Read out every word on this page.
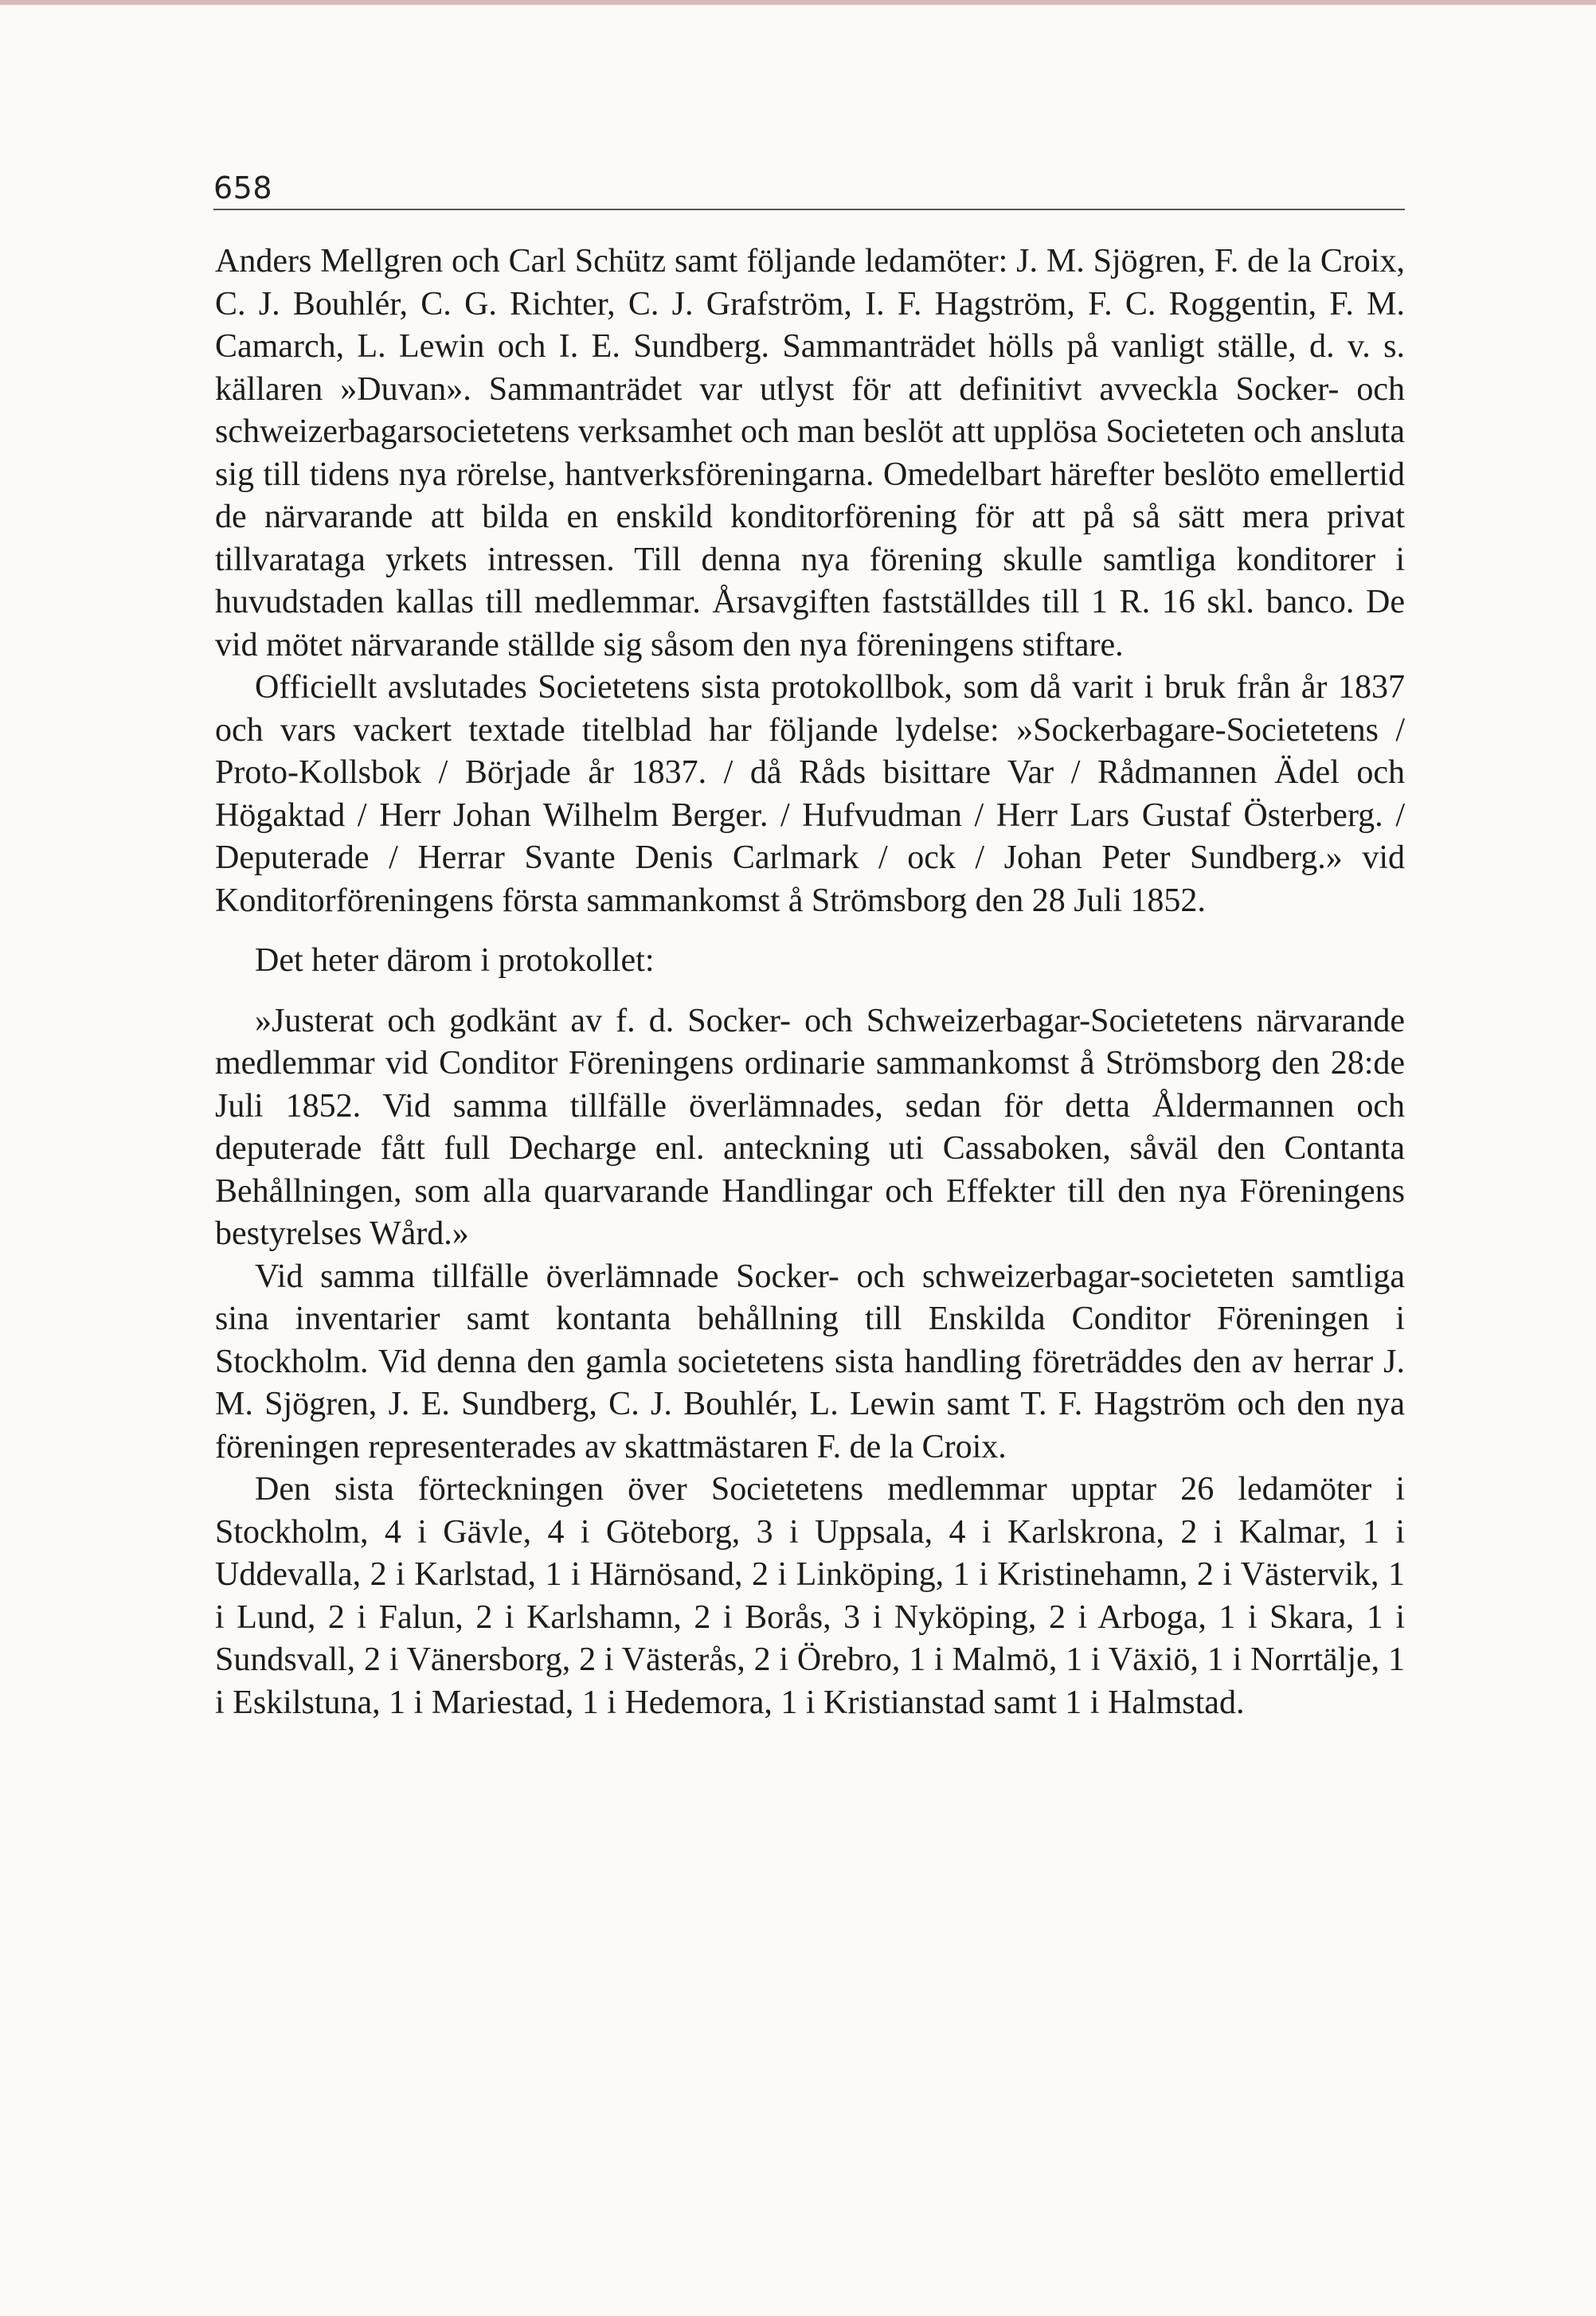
658

Anders Mellgren och Carl Schütz samt följande ledamöter: J. M. Sjögren, F. de la Croix, C. J. Bouhlér, C. G. Richter, C. J. Grafström, I. F. Hagström, F. C. Roggentin, F. M. Camarch, L. Lewin och I. E. Sundberg. Sammanträdet hölls på vanligt ställe, d. v. s. källaren »Duvan». Sammanträdet var utlyst för att definitivt avveckla Socker- och schweizerbagarsocietetens verksamhet och man beslöt att upplösa Societeten och ansluta sig till tidens nya rörelse, hantverksföreningarna. Omedelbart härefter beslöto emellertid de närvarande att bilda en enskild konditorförening för att på så sätt mera privat tillvaratagа yrkets intressen. Till denna nya förening skulle samtliga konditorer i huvudstaden kallas till medlemmar. Årsavgiften fastställdes till 1 R. 16 skl. banco. De vid mötet närvarande ställde sig såsom den nya föreningens stiftare.

Officiellt avslutades Societetens sista protokollbok, som då varit i bruk från år 1837 och vars vackert textade titelblad har följande lydelse: »Sockerbagare-Societetens / Proto-Kollsbok / Började år 1837. / då Råds bisittare Var / Rådmannen Ädel och Högaktad / Herr Johan Wilhelm Berger. / Hufvudman / Herr Lars Gustaf Österberg. / Deputerade / Herrar Svante Denis Carlmark / ock / Johan Peter Sundberg.» vid Konditorföreningens första sammankomst å Strömsborg den 28 Juli 1852.

Det heter därom i protokollet:

»Justerat och godkänt av f. d. Socker- och Schweizerbagar-Societetens närvarande medlemmar vid Conditor Föreningens ordinarie sammankomst å Strömsborg den 28:de Juli 1852. Vid samma tillfälle överlämnades, sedan för detta Åldermannen och deputerade fått full Decharge enl. anteckning uti Cassaboken, såväl den Contanta Behållningen, som alla quarvarande Handlingar och Effekter till den nya Föreningens bestyrelses Wård.»

Vid samma tillfälle överlämnade Socker- och schweizerbagar-societeten samtliga sina inventarier samt kontanta behållning till Enskilda Conditor Föreningen i Stockholm. Vid denna den gamla societetens sista handling företräddes den av herrar J. M. Sjögren, J. E. Sundberg, C. J. Bouhlér, L. Lewin samt T. F. Hagström och den nya föreningen representerades av skattmästaren F. de la Croix.

Den sista förteckningen över Societetens medlemmar upptar 26 ledamöter i Stockholm, 4 i Gävle, 4 i Göteborg, 3 i Uppsala, 4 i Karlskrona, 2 i Kalmar, 1 i Uddevalla, 2 i Karlstad, 1 i Härnösand, 2 i Linköping, 1 i Kristinehamn, 2 i Västervik, 1 i Lund, 2 i Falun, 2 i Karlshamn, 2 i Borås, 3 i Nyköping, 2 i Arboga, 1 i Skara, 1 i Sundsvall, 2 i Vänersborg, 2 i Västerås, 2 i Örebro, 1 i Malmö, 1 i Växiö, 1 i Norrtälje, 1 i Eskilstuna, 1 i Mariestad, 1 i Hedemora, 1 i Kristianstad samt 1 i Halmstad.
